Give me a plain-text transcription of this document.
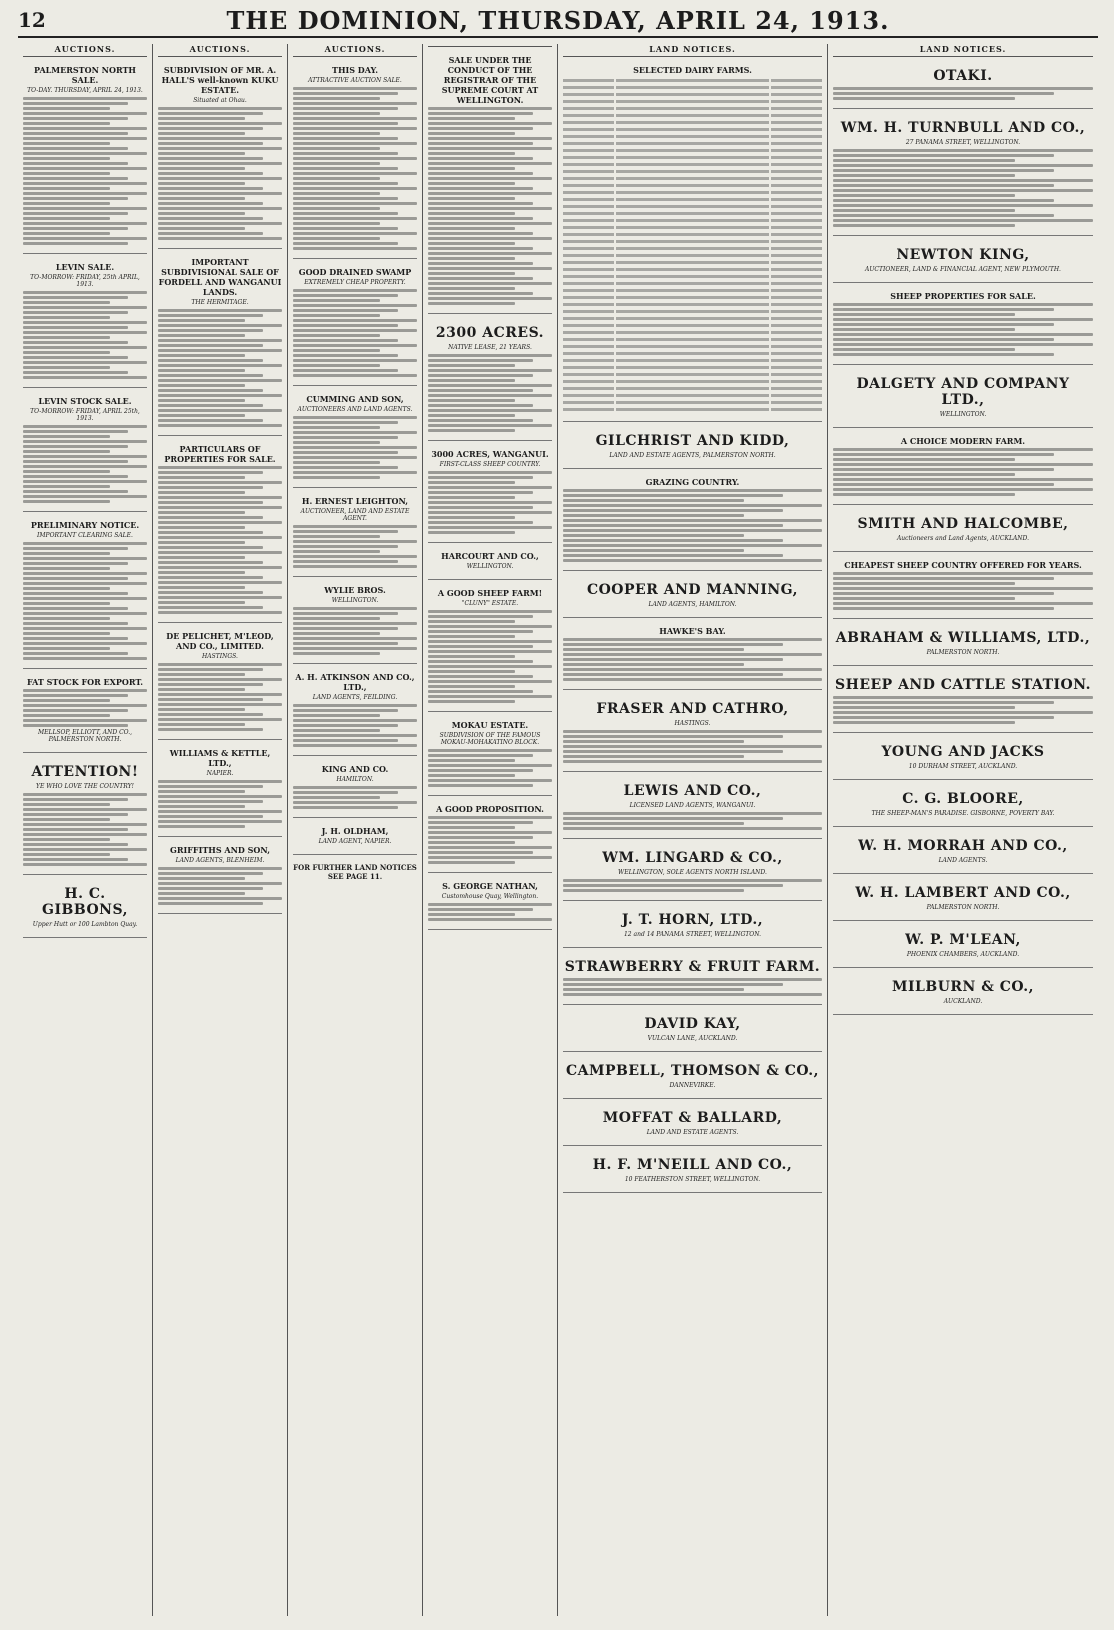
12	THE DOMINION, THURSDAY, APRIL 24, 1913.
AUCTIONS.
PALMERSTON NORTH SALE.
TO-DAY. THURSDAY, APRIL 24, 1913.
LEVIN SALE.
TO-MORROW: FRIDAY, 25th APRIL, 1913.
LEVIN STOCK SALE.
TO-MORROW: FRIDAY, APRIL 25th, 1913.
PRELIMINARY NOTICE.
IMPORTANT CLEARING SALE.
FAT STOCK FOR EXPORT.
MELLSOP, ELLIOTT, AND CO., PALMERSTON NORTH.
ATTENTION!
YE WHO LOVE THE COUNTRY!
H. C. GIBBONS,
Upper Hutt or 100 Lambton Quay.
AUCTIONS.
SUBDIVISION OF MR. A. HALL'S well-known KUKU ESTATE.
Situated at Ohau.
IMPORTANT SUBDIVISIONAL SALE OF FORDELL AND WANGANUI LANDS.
THE HERMITAGE.
PARTICULARS OF PROPERTIES FOR SALE.
DE PELICHET, M'LEOD, AND CO., LIMITED.
HASTINGS.
WILLIAMS & KETTLE, LTD.,
NAPIER.
GRIFFITHS AND SON,
LAND AGENTS, BLENHEIM.
AUCTIONS.
THIS DAY.
ATTRACTIVE AUCTION SALE.
GOOD DRAINED SWAMP
EXTREMELY CHEAP PROPERTY.
CUMMING AND SON,
AUCTIONEERS AND LAND AGENTS.
H. ERNEST LEIGHTON,
AUCTIONEER, LAND AND ESTATE AGENT.
WYLIE BROS.
WELLINGTON.
A. H. ATKINSON AND CO., LTD.,
LAND AGENTS, FEILDING.
KING AND CO.
HAMILTON.
J. H. OLDHAM,
LAND AGENT, NAPIER.
FOR FURTHER LAND NOTICES SEE PAGE 11.
SALE UNDER THE CONDUCT OF THE REGISTRAR OF THE SUPREME COURT AT WELLINGTON.
2300 ACRES.
NATIVE LEASE, 21 YEARS.
3000 ACRES, WANGANUI.
FIRST-CLASS SHEEP COUNTRY.
HARCOURT AND CO.,
WELLINGTON.
A GOOD SHEEP FARM!
"CLUNY" ESTATE.
MOKAU ESTATE.
SUBDIVISION OF THE FAMOUS MOKAU-MOHAKATINO BLOCK.
A GOOD PROPOSITION.
S. GEORGE NATHAN,
Customhouse Quay, Wellington.
LAND NOTICES.
SELECTED DAIRY FARMS.
GILCHRIST AND KIDD,
LAND AND ESTATE AGENTS, PALMERSTON NORTH.
GRAZING COUNTRY.
COOPER AND MANNING,
LAND AGENTS, HAMILTON.
HAWKE'S BAY.
FRASER AND CATHRO,
HASTINGS.
LEWIS AND CO.,
LICENSED LAND AGENTS, WANGANUI.
WM. LINGARD & CO.,
WELLINGTON, SOLE AGENTS NORTH ISLAND.
J. T. HORN, LTD.,
12 and 14 PANAMA STREET, WELLINGTON.
STRAWBERRY & FRUIT FARM.
DAVID KAY,
VULCAN LANE, AUCKLAND.
CAMPBELL, THOMSON & CO.,
DANNEVIRKE.
MOFFAT & BALLARD,
LAND AND ESTATE AGENTS.
H. F. M'NEILL AND CO.,
10 FEATHERSTON STREET, WELLINGTON.
LAND NOTICES.
OTAKI.
WM. H. TURNBULL AND CO.,
27 PANAMA STREET, WELLINGTON.
NEWTON KING,
AUCTIONEER, LAND & FINANCIAL AGENT, NEW PLYMOUTH.
SHEEP PROPERTIES FOR SALE.
DALGETY AND COMPANY LTD.,
WELLINGTON.
A CHOICE MODERN FARM.
SMITH AND HALCOMBE,
Auctioneers and Land Agents, AUCKLAND.
CHEAPEST SHEEP COUNTRY OFFERED FOR YEARS.
ABRAHAM & WILLIAMS, LTD.,
PALMERSTON NORTH.
SHEEP AND CATTLE STATION.
YOUNG AND JACKS
10 DURHAM STREET, AUCKLAND.
C. G. BLOORE,
THE SHEEP-MAN'S PARADISE. GISBORNE, POVERTY BAY.
W. H. MORRAH AND CO.,
LAND AGENTS.
W. H. LAMBERT AND CO.,
PALMERSTON NORTH.
W. P. M'LEAN,
PHOENIX CHAMBERS, AUCKLAND.
MILBURN & CO.,
AUCKLAND.
